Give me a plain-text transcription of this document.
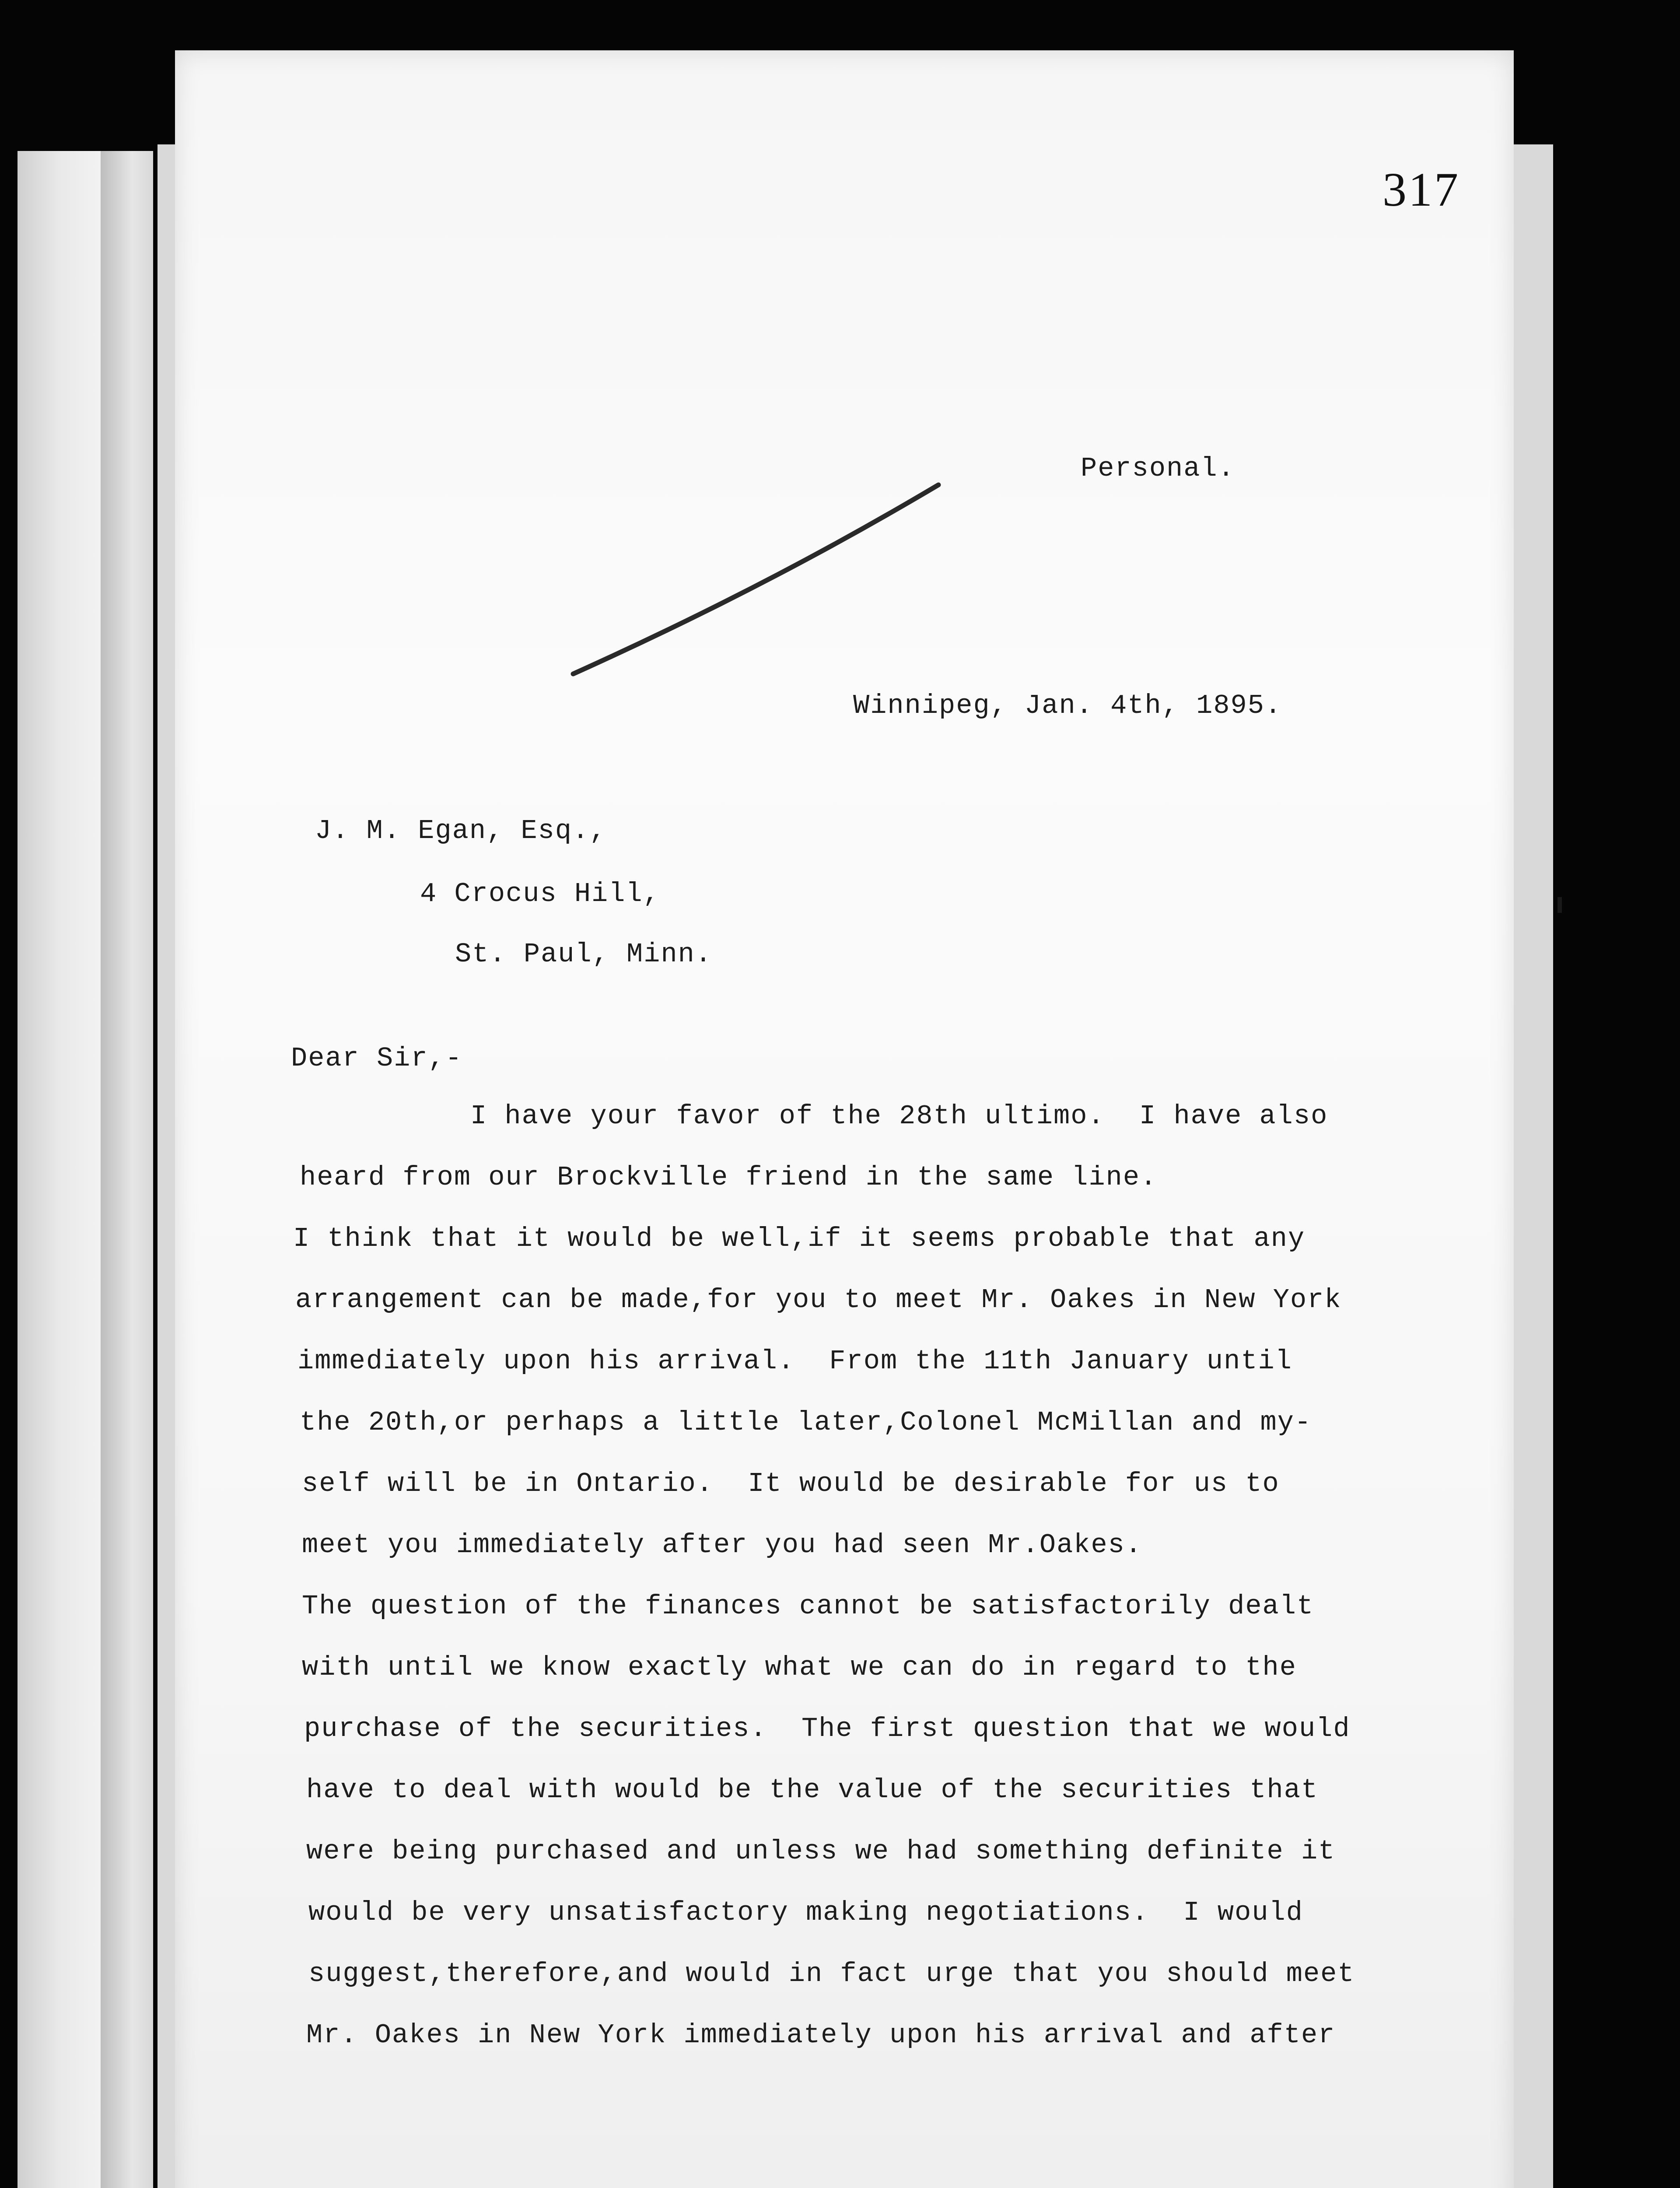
317
Personal.
Winnipeg, Jan. 4th, 1895.
J. M. Egan, Esq.,
4 Crocus Hill,
St. Paul, Minn.
Dear Sir,-
I have your favor of the 28th ultimo.  I have also
heard from our Brockville friend in the same line.
I think that it would be well,if it seems probable that any
arrangement can be made,for you to meet Mr. Oakes in New York
immediately upon his arrival.  From the 11th January until
the 20th,or perhaps a little later,Colonel McMillan and my-
self will be in Ontario.  It would be desirable for us to
meet you immediately after you had seen Mr.Oakes.
The question of the finances cannot be satisfactorily dealt
with until we know exactly what we can do in regard to the
purchase of the securities.  The first question that we would
have to deal with would be the value of the securities that
were being purchased and unless we had something definite it
would be very unsatisfactory making negotiations.  I would
suggest,therefore,and would in fact urge that you should meet
Mr. Oakes in New York immediately upon his arrival and after
